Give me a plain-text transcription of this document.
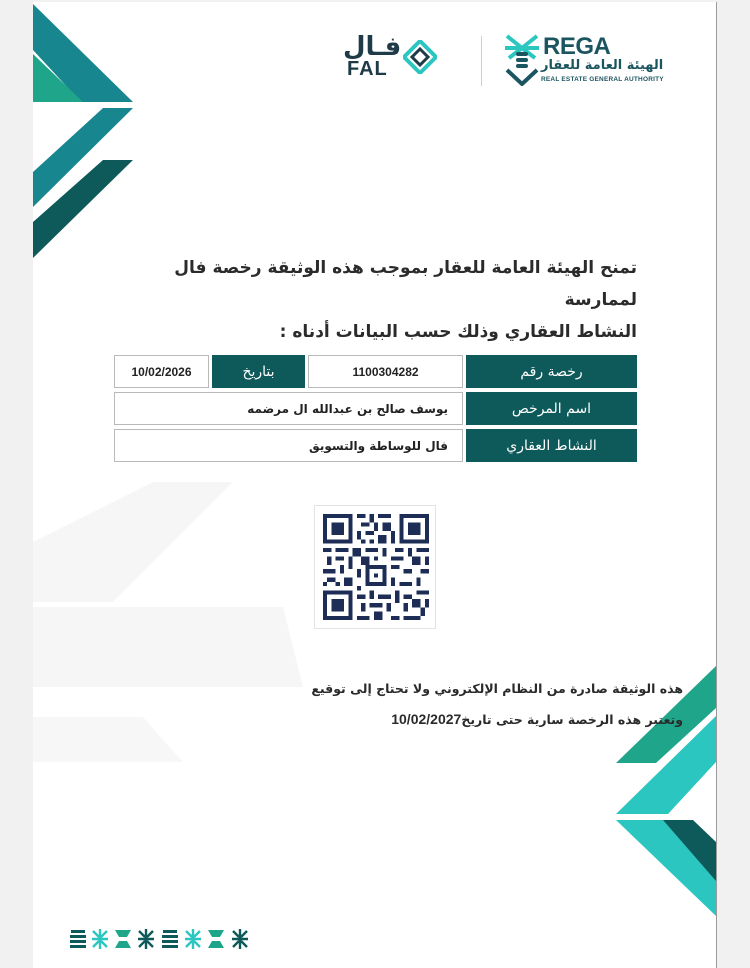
فـال
FAL
REGA
الهيئة العامة للعقار
REAL ESTATE GENERAL AUTHORITY
تمنح الهيئة العامة للعقار بموجب هذه الوثيقة رخصة فال لممارسة
النشاط العقاري وذلك حسب البيانات أدناه :
رخصة رقم
1100304282
بتاريخ
10/02/2026
اسم المرخص
يوسف صالح بن عبدالله ال مرضمه
النشاط العقاري
فال للوساطة والتسويق
هذه الوثيقة صادرة من النظام الإلكتروني ولا تحتاج إلى توقيع
وتعتبر هذه الرخصة سارية حتى تاريخ10/02/2027
